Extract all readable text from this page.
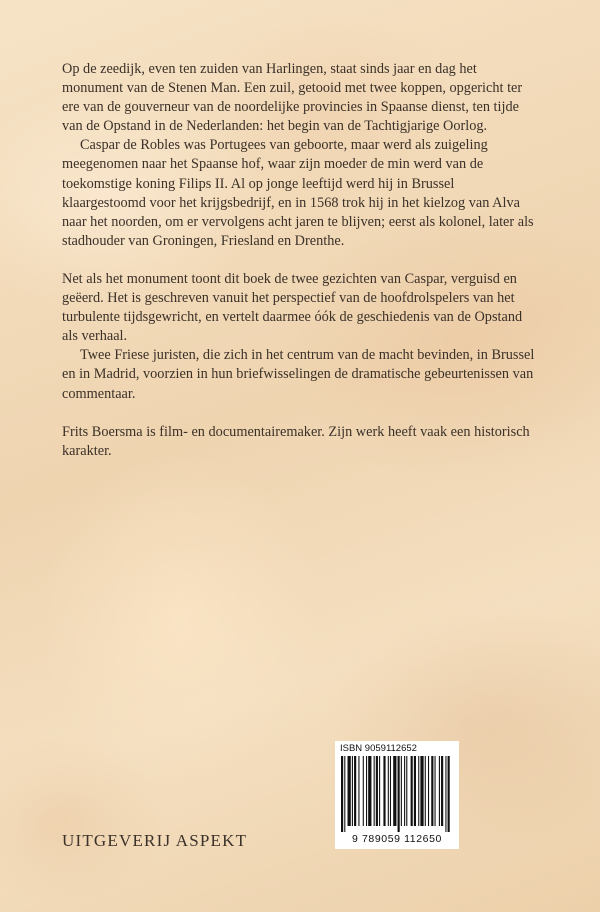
Op de zeedijk, even ten zuiden van Harlingen, staat sinds jaar en dag het monument van de Stenen Man. Een zuil, getooid met twee koppen, opgericht ter ere van de gouverneur van de noordelijke provincies in Spaanse dienst, ten tijde van de Opstand in de Nederlanden: het begin van de Tachtigjarige Oorlog.

Caspar de Robles was Portugees van geboorte, maar werd als zuigeling meegenomen naar het Spaanse hof, waar zijn moeder de min werd van de toekomstige koning Filips II. Al op jonge leeftijd werd hij in Brussel klaargestoomd voor het krijgsbedrijf, en in 1568 trok hij in het kielzog van Alva naar het noorden, om er vervolgens acht jaren te blijven; eerst als kolonel, later als stadhouder van Groningen, Friesland en Drenthe.

Net als het monument toont dit boek de twee gezichten van Caspar, verguisd en geëerd. Het is geschreven vanuit het perspectief van de hoofdrolspelers van het turbulente tijdsgewricht, en vertelt daarmee óók de geschiedenis van de Opstand als verhaal.

Twee Friese juristen, die zich in het centrum van de macht bevinden, in Brussel en in Madrid, voorzien in hun briefwisselingen de dramatische gebeurtenissen van commentaar.

Frits Boersma is film- en documentairemaker. Zijn werk heeft vaak een historisch karakter.

ISBN 9059112652
9 789059 112650
UITGEVERIJ ASPEKT
